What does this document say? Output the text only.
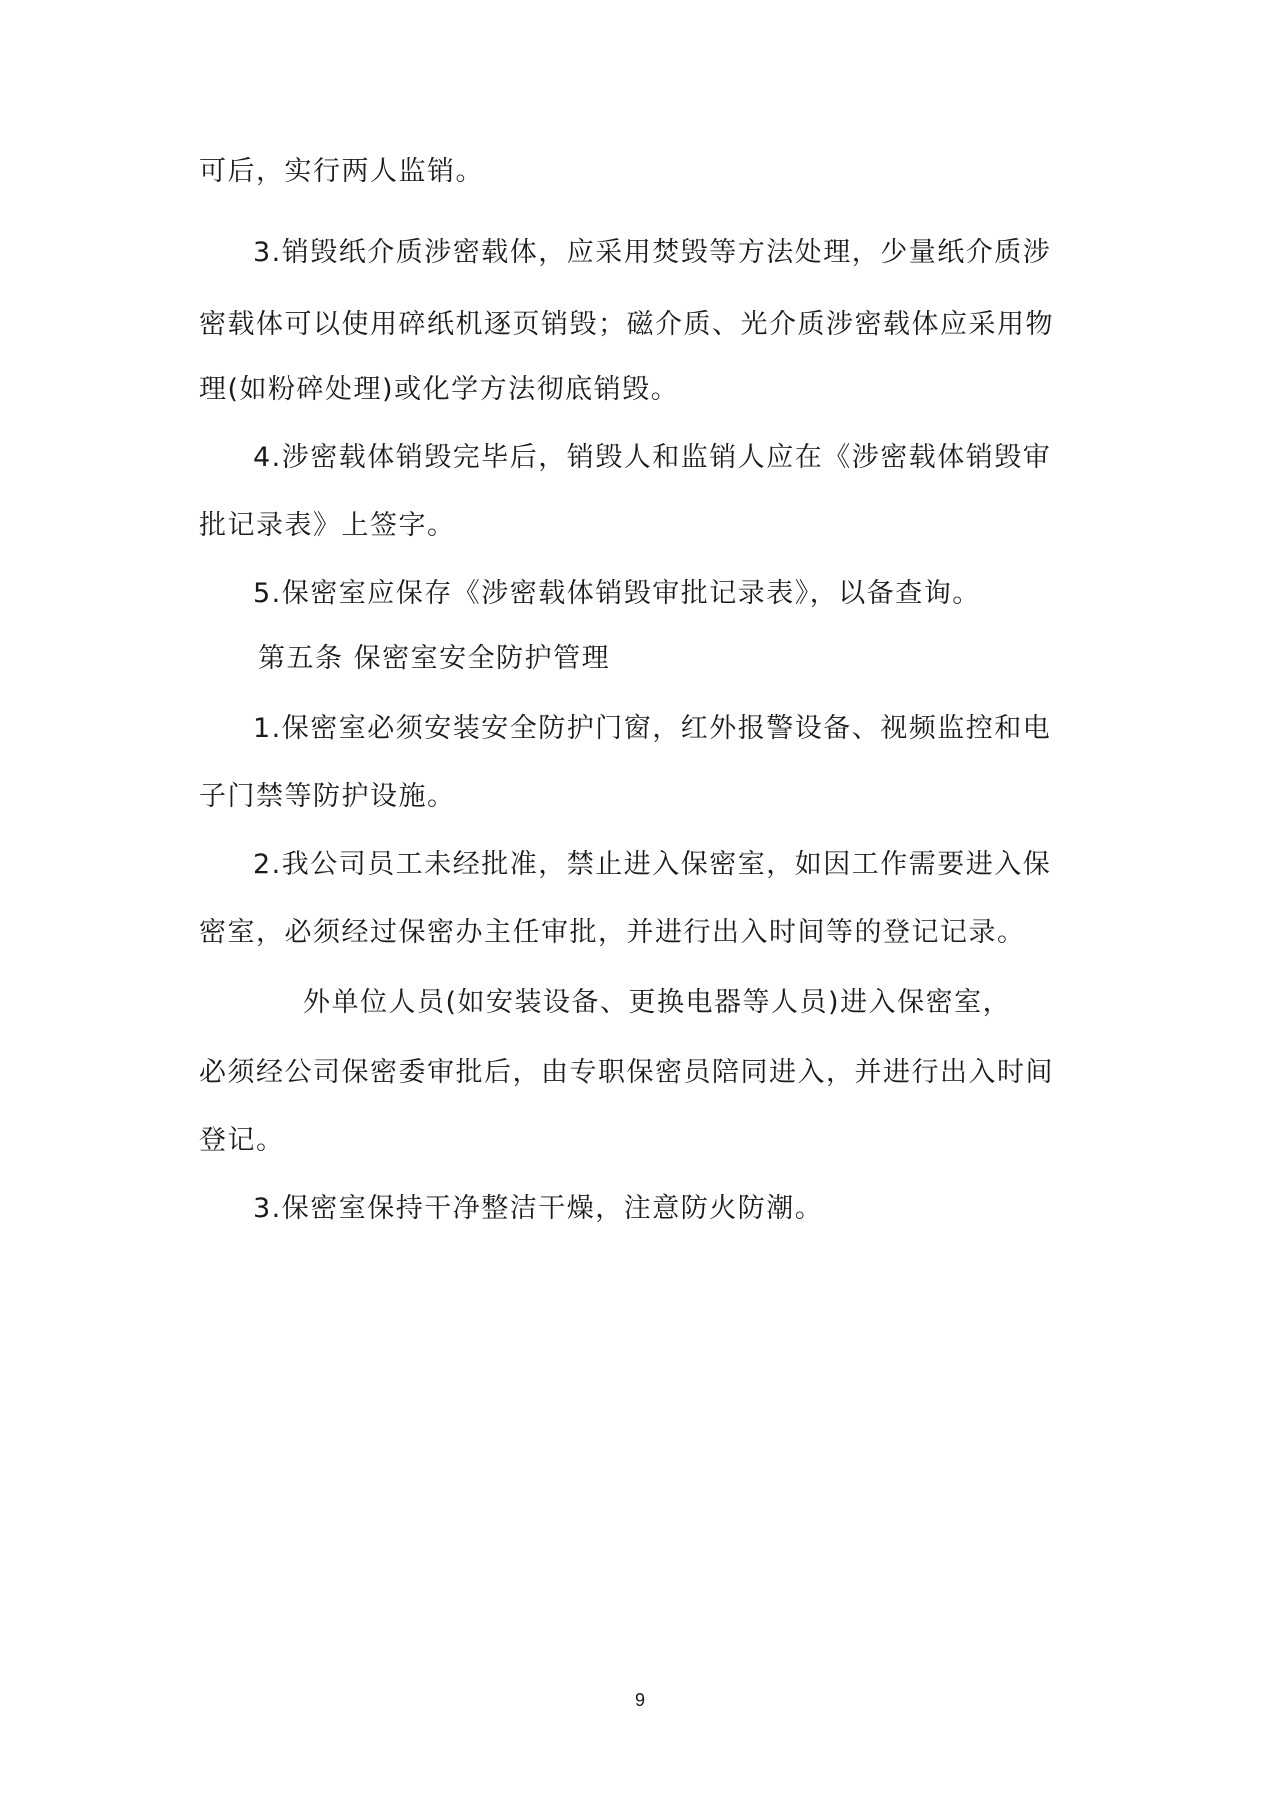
可后，实行两人监销。
3.销毁纸介质涉密载体，应采用焚毁等方法处理，少量纸介质涉
密载体可以使用碎纸机逐页销毁；磁介质、光介质涉密载体应采用物
理(如粉碎处理)或化学方法彻底销毁。
4.涉密载体销毁完毕后，销毁人和监销人应在《涉密载体销毁审
批记录表》上签字。
5.保密室应保存《涉密载体销毁审批记录表》，以备查询。
第五条 保密室安全防护管理
1.保密室必须安装安全防护门窗，红外报警设备、视频监控和电
子门禁等防护设施。
2.我公司员工未经批准，禁止进入保密室，如因工作需要进入保
密室，必须经过保密办主任审批，并进行出入时间等的登记记录。
外单位人员(如安装设备、更换电器等人员)进入保密室，
必须经公司保密委审批后，由专职保密员陪同进入，并进行出入时间
登记。
3.保密室保持干净整洁干燥，注意防火防潮。
9
